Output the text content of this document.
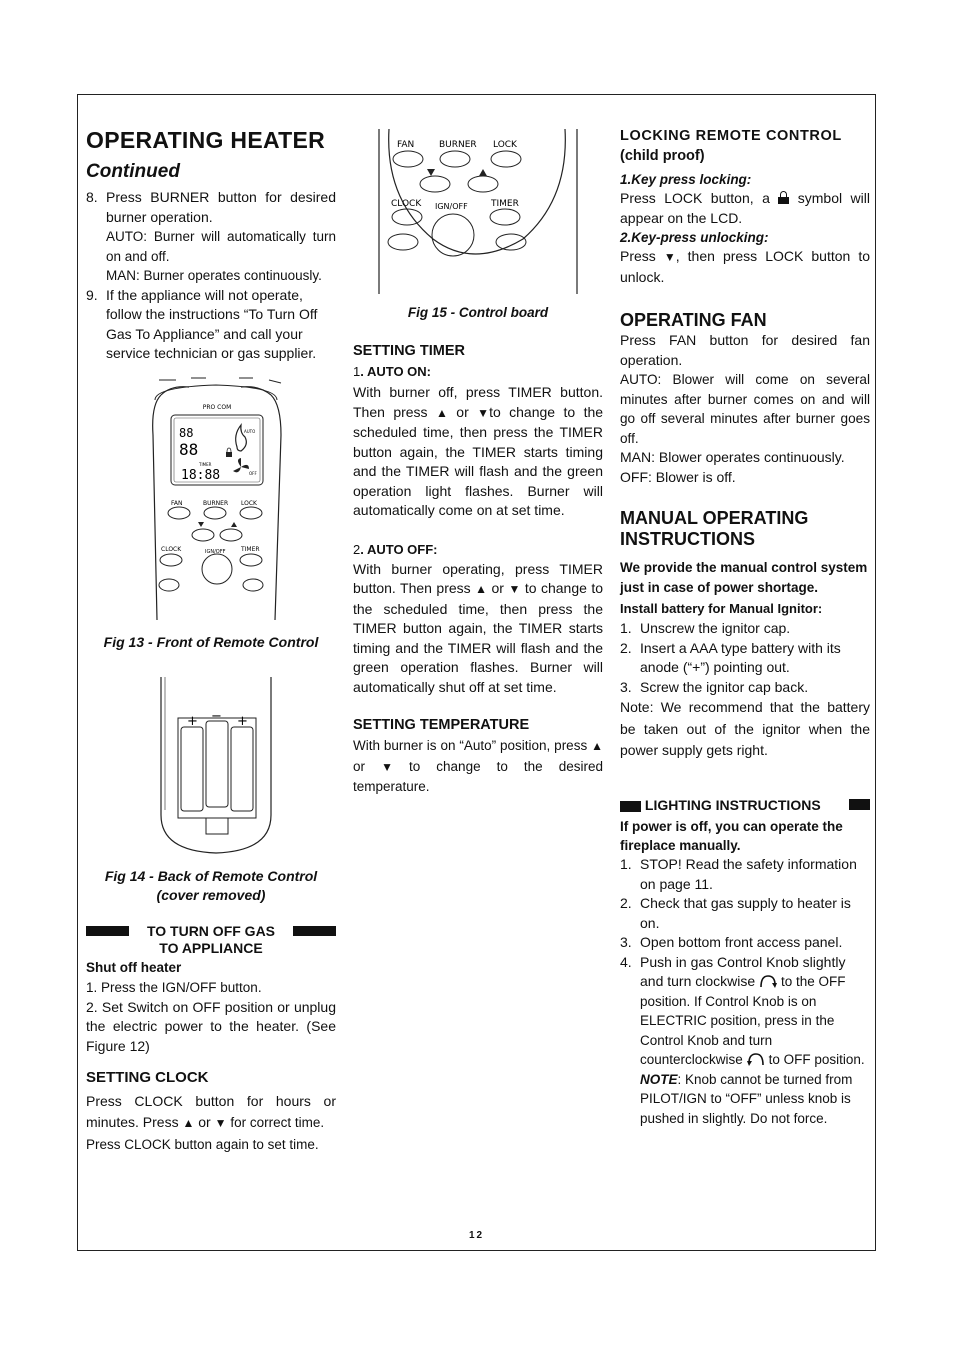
OPERATING HEATER
Continued
8. Press BURNER button for desired burner operation.

AUTO: Burner will automatically turn on and off.

MAN: Burner operates continuously.

9. If the appliance will not operate, follow the instructions “To Turn Off Gas To Appliance” and call your service technician or gas supplier.

PRO COM
88
88
18:88
AUTO
TIMER
OFF
FAN	BURNER LOCK
CLOCK	IGN/OFF	TIMER
Fig 13 - Front of Remote Control
+ − +

Fig 14 - Back of Remote Control

(cover removed)

TO TURN OFF GAS

TO APPLIANCE

Shut off heater

1. Press the IGN/OFF button.

2. Set Switch on OFF position or unplug the electric power to the heater. (See Figure 12)

SETTING CLOCK

Press CLOCK button for hours or minutes. Press ▲ or ▼ for correct time.

Press CLOCK button again to set time.

FAN	BURNER LOCK
CLOCK IGN/OFF	TIMER
Fig 15 - Control board

SETTING TIMER

1. AUTO ON:

With burner off, press TIMER button. Then press ▲ or ▼to change to the scheduled time, then press the TIMER button again, the TIMER starts timing and the TIMER will flash and the green operation light flashes. Burner will automatically come on at set time.

2. AUTO OFF:

With burner operating, press TIMER button. Then press ▲ or ▼ to change to the scheduled time, then press the TIMER button again, the TIMER starts timing and the TIMER will flash and the green operation flashes. Burner will automatically shut off at set time.

SETTING TEMPERATURE

With burner is on “Auto” position, press ▲ or ▼ to change to the desired temperature.

LOCKING REMOTE CONTROL

(child proof)

1.Key press locking:

Press LOCK button, a symbol will appear on the LCD.

2.Key-press unlocking:

Press ▼, then press LOCK button to unlock.

OPERATING FAN

Press FAN button for desired fan operation.

AUTO: Blower will come on several minutes after burner comes on and will go off several minutes after burner goes off.

MAN: Blower operates continuously.

OFF: Blower is off.

MANUAL OPERATING

INSTRUCTIONS

We provide the manual control system just in case of power shortage.

Install battery for Manual Ignitor:

1. Unscrew the ignitor cap.
2. Insert a AAA type battery with its anode (“+”) pointing out.
3. Screw the ignitor cap back.

Note: We recommend that the battery be taken out of the ignitor when the power supply gets right.

LIGHTING INSTRUCTIONS

If power is off, you can operate the fireplace manually.

1. STOP! Read the safety information on page 11.
2. Check that gas supply to heater is on.
3. Open bottom front access panel.
4. Push in gas Control Knob slightly and turn clockwise to the OFF position. If Control Knob is on ELECTRIC position, press in the Control Knob and turn counterclockwise to OFF position.

NOTE: Knob cannot be turned from PILOT/IGN to “OFF” unless knob is pushed in slightly. Do not force.

12
